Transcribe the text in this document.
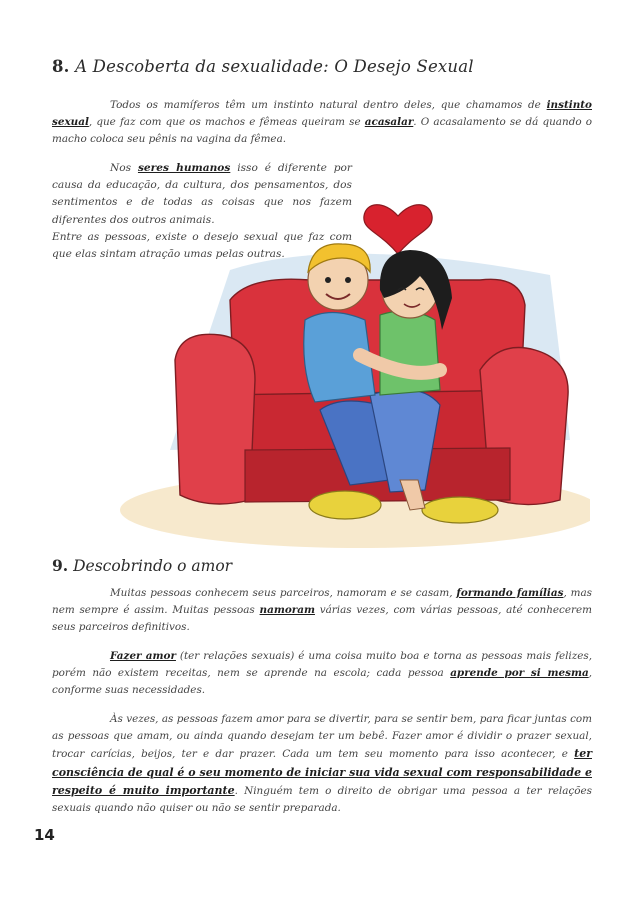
8. A Descoberta da sexualidade: O Desejo Sexual

Todos os mamíferos têm um instinto natural dentro deles, que chamamos de instinto sexual, que faz com que os machos e fêmeas queiram se acasalar. O acasalamento se dá quando o macho coloca seu pênis na vagina da fêmea.

Nos seres humanos isso é diferente por causa da educação, da cultura, dos pensamentos, dos sentimentos e de todas as coisas que nos fazem diferentes dos outros animais.
Entre as pessoas, existe o desejo sexual que faz com que elas sintam atração umas pelas outras.

9. Descobrindo o amor

Muitas pessoas conhecem seus parceiros, namoram e se casam, formando famílias, mas nem sempre é assim. Muitas pessoas namoram várias vezes, com várias pessoas, até conhecerem seus parceiros definitivos.

Fazer amor (ter relações sexuais) é uma coisa muito boa e torna as pessoas mais felizes, porém não existem receitas, nem se aprende na escola; cada pessoa aprende por si mesma, conforme suas necessidades.

Às vezes, as pessoas fazem amor para se divertir, para se sentir bem, para ficar juntas com as pessoas que amam, ou ainda quando desejam ter um bebê. Fazer amor é dividir o prazer sexual, trocar carícias, beijos, ter e dar prazer. Cada um tem seu momento para isso acontecer, e ter consciência de qual é o seu momento de iniciar sua vida sexual com responsabilidade e respeito é muito importante. Ninguém tem o direito de obrigar uma pessoa a ter relações sexuais quando não quiser ou não se sentir preparada.

14
